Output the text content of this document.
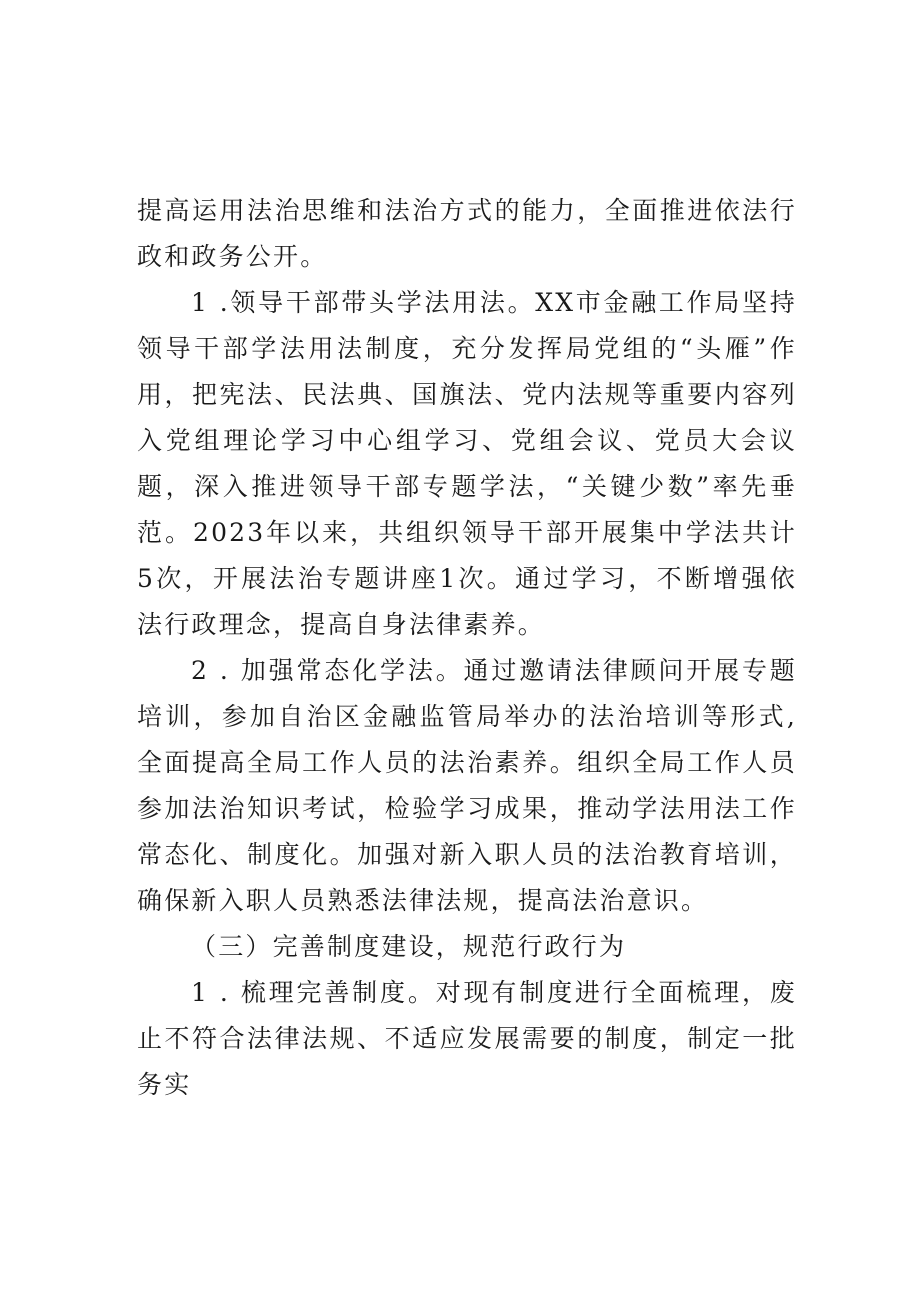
提高运用法治思维和法治方式的能力，全面推进依法行政和政务公开。

1 .领导干部带头学法用法。XX市金融工作局坚持领导干部学法用法制度，充分发挥局党组的“头雁”作用，把宪法、民法典、国旗法、党内法规等重要内容列入党组理论学习中心组学习、党组会议、党员大会议题，深入推进领导干部专题学法，“关键少数”率先垂范。2023年以来，共组织领导干部开展集中学法共计5次，开展法治专题讲座1次。通过学习，不断增强依法行政理念，提高自身法律素养。

2 . 加强常态化学法。通过邀请法律顾问开展专题培训，参加自治区金融监管局举办的法治培训等形式,全面提高全局工作人员的法治素养。组织全局工作人员参加法治知识考试，检验学习成果，推动学法用法工作常态化、制度化。加强对新入职人员的法治教育培训，确保新入职人员熟悉法律法规，提高法治意识。

（三）完善制度建设，规范行政行为

1 . 梳理完善制度。对现有制度进行全面梳理，废止不符合法律法规、不适应发展需要的制度，制定一批务实
